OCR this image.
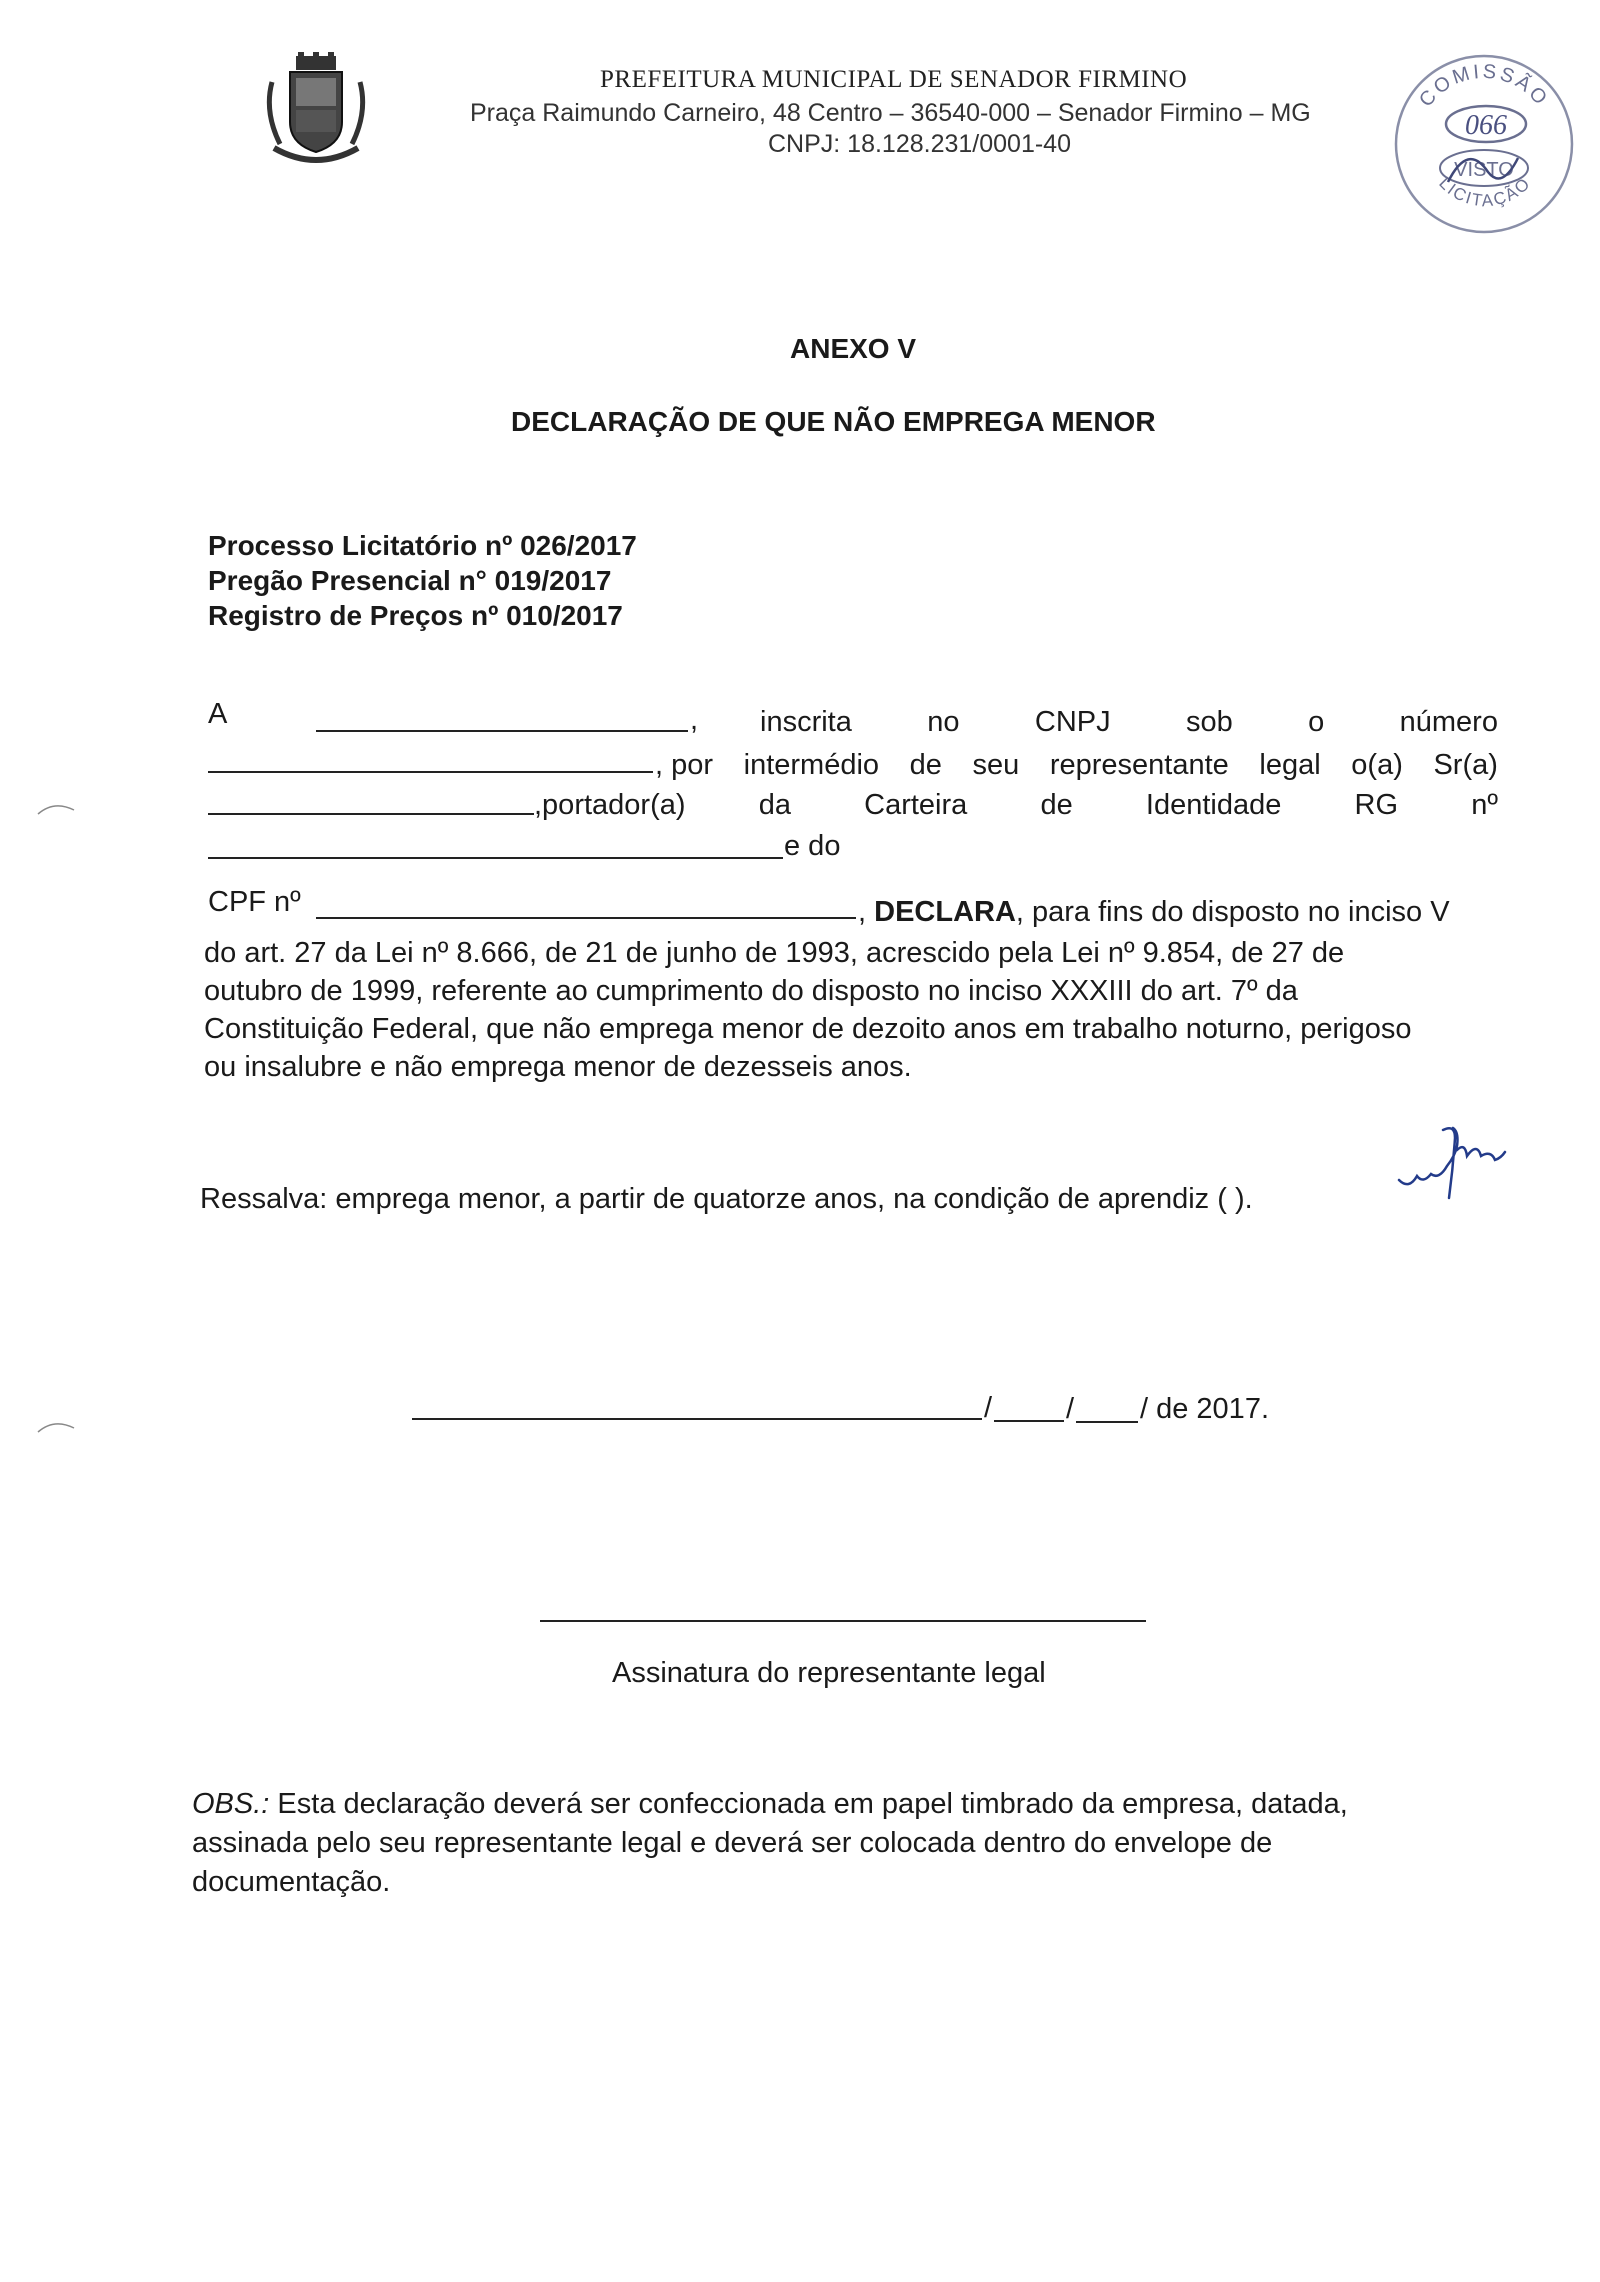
PREFEITURA MUNICIPAL DE SENADOR FIRMINO
Praça Raimundo Carneiro, 48 Centro – 36540-000 – Senador Firmino – MG
CNPJ: 18.128.231/0001-40
COMISSÃO
066
VISTO
LICITAÇÃO
ANEXO V
DECLARAÇÃO DE QUE NÃO EMPREGA MENOR
Processo Licitatório nº 026/2017
Pregão Presencial n° 019/2017
Registro de Preços nº 010/2017
A	, inscrita	no	CNPJ	sob	o	número
, por intermédio de seu representante legal o(a) Sr(a)
,portador(a)	da	Carteira	de	Identidade	RG	nº
e do
CPF nº	, DECLARA, para fins do disposto no inciso V
do art. 27 da Lei nº 8.666, de 21 de junho de 1993, acrescido pela Lei nº 9.854, de 27 de
outubro de 1999, referente ao cumprimento do disposto no inciso XXXIII do art. 7º da
Constituição Federal, que não emprega menor de dezoito anos em trabalho noturno, perigoso
ou insalubre e não emprega menor de dezesseis anos.
Ressalva: emprega menor, a partir de quatorze anos, na condição de aprendiz ( ).
/	/ / de 2017.
Assinatura do representante legal
OBS.: Esta declaração deverá ser confeccionada em papel timbrado da empresa, datada,
assinada pelo seu representante legal e deverá ser colocada dentro do envelope de
documentação.
